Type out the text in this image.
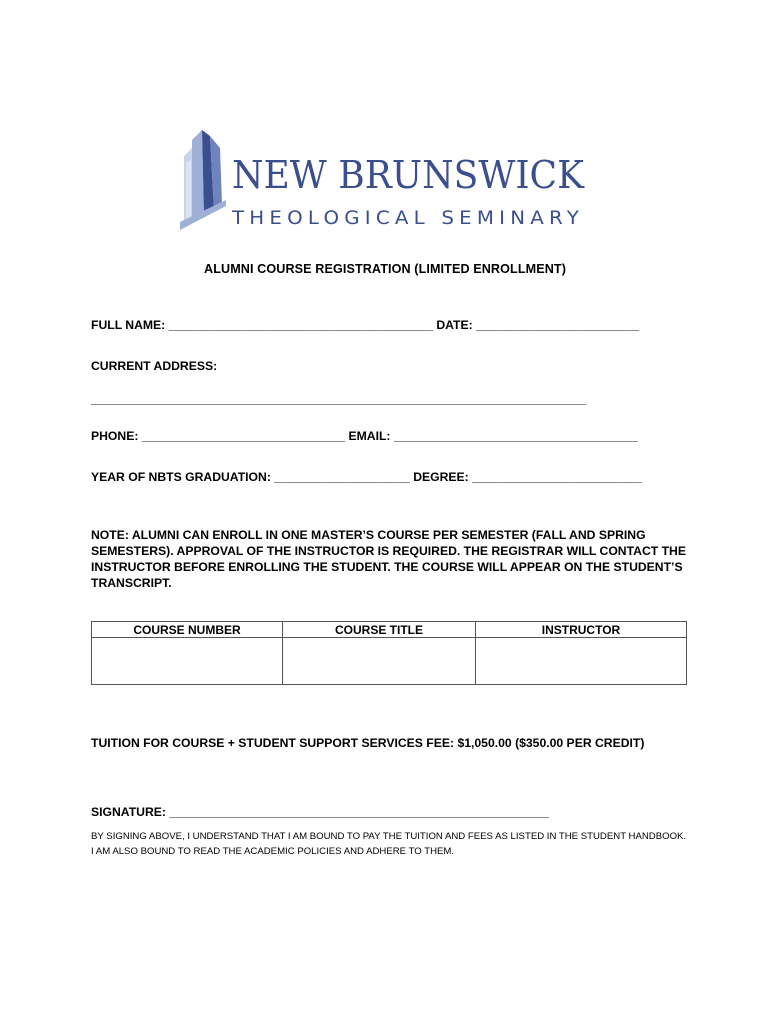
NEW BRUNSWICK
THEOLOGICAL SEMINARY
ALUMNI COURSE REGISTRATION (LIMITED ENROLLMENT)
FULL NAME: _______________________________________ DATE: ________________________
CURRENT ADDRESS:
__________________________________________________________________________________
PHONE: ______________________________ EMAIL: ____________________________________
YEAR OF NBTS GRADUATION: ____________________ DEGREE: _________________________
NOTE: ALUMNI CAN ENROLL IN ONE MASTER’S COURSE PER SEMESTER (FALL AND SPRING SEMESTERS). APPROVAL OF THE INSTRUCTOR IS REQUIRED. THE REGISTRAR WILL CONTACT THE INSTRUCTOR BEFORE ENROLLING THE STUDENT. THE COURSE WILL APPEAR ON THE STUDENT’S TRANSCRIPT.
COURSE NUMBER	COURSE TITLE	INSTRUCTOR

TUITION FOR COURSE + STUDENT SUPPORT SERVICES FEE: $1,050.00 ($350.00 PER CREDIT)
SIGNATURE: ________________________________________________________
BY SIGNING ABOVE, I UNDERSTAND THAT I AM BOUND TO PAY THE TUITION AND FEES AS LISTED IN THE STUDENT HANDBOOK. I AM ALSO BOUND TO READ THE ACADEMIC POLICIES AND ADHERE TO THEM.
